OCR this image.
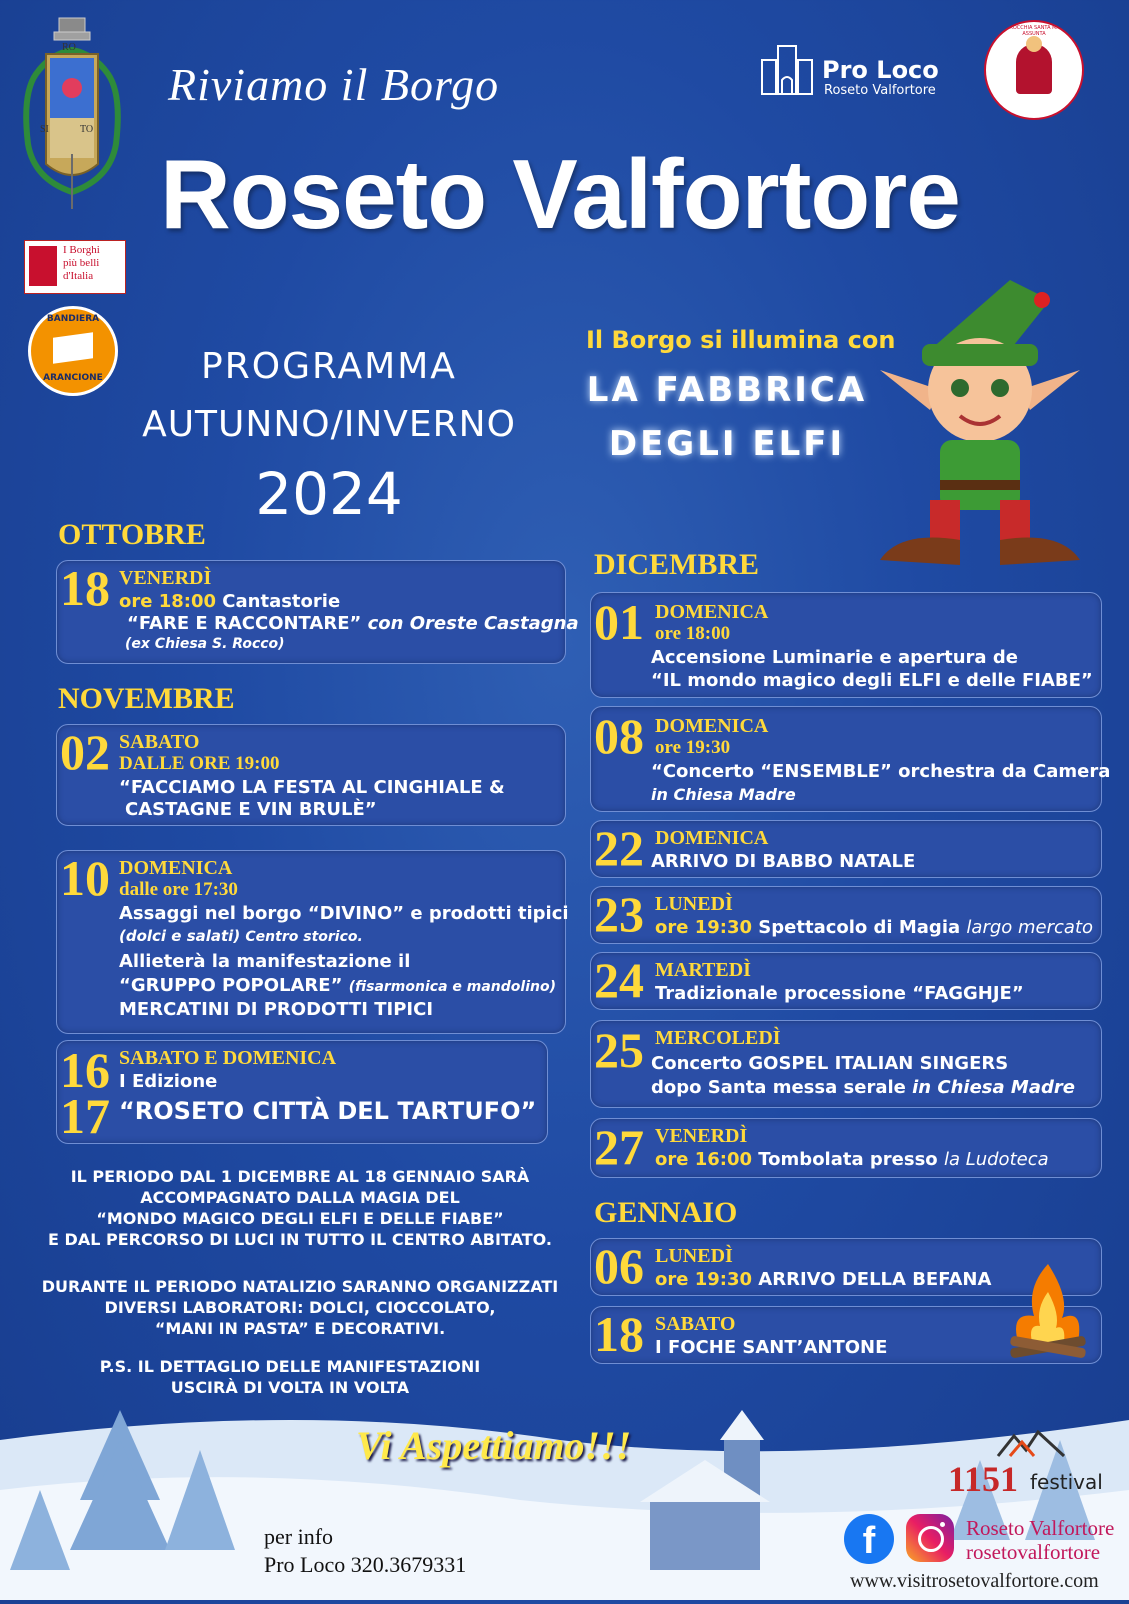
RO
SI	TO
I Borghi
più belli
d'Italia
BANDIERA
ARANCIONE
Riviamo il Borgo
Roseto Valfortore
Pro Loco
Roseto Valfortore
PARROCCHIA SANTA MARIA ASSUNTA
PROGRAMMA
AUTUNNO/INVERNO
2024
Il Borgo si illumina con
LA FABBRICA
DEGLI ELFI
OTTOBRE
18 VENERDÌ
ore 18:00 Cantastorie
“FARE E RACCONTARE” con Oreste Castagna
(ex Chiesa S. Rocco)
NOVEMBRE
02 SABATO
DALLE ORE 19:00
“FACCIAMO LA FESTA AL CINGHIALE &
CASTAGNE E VIN BRULÈ”
10 DOMENICA
dalle ore 17:30
Assaggi nel borgo “DIVINO” e prodotti tipici
(dolci e salati) Centro storico.
Allieterà la manifestazione il
“GRUPPO POPOLARE” (fisarmonica e mandolino)
MERCATINI DI PRODOTTI TIPICI
16
17
SABATO E DOMENICA
I Edizione
“ROSETO CITTÀ DEL TARTUFO”
IL PERIODO DAL 1 DICEMBRE AL 18 GENNAIO SARÀ
ACCOMPAGNATO DALLA MAGIA DEL
“MONDO MAGICO DEGLI ELFI E DELLE FIABE”
E DAL PERCORSO DI LUCI IN TUTTO IL CENTRO ABITATO.
DURANTE IL PERIODO NATALIZIO SARANNO ORGANIZZATI
DIVERSI LABORATORI: DOLCI, CIOCCOLATO,
“MANI IN PASTA” E DECORATIVI.
P.S. IL DETTAGLIO DELLE MANIFESTAZIONI
USCIRÀ DI VOLTA IN VOLTA
DICEMBRE
01 DOMENICA
ore 18:00
Accensione Luminarie e apertura de
“IL mondo magico degli ELFI e delle FIABE”
08 DOMENICA
ore 19:30
“Concerto “ENSEMBLE” orchestra da Camera
in Chiesa Madre
22 DOMENICA
ARRIVO DI BABBO NATALE
23 LUNEDÌ
ore 19:30 Spettacolo di Magia largo mercato
24 MARTEDÌ
Tradizionale processione “FAGGHJE”
25 MERCOLEDÌ
Concerto GOSPEL ITALIAN SINGERS
dopo Santa messa serale in Chiesa Madre
27 VENERDÌ
ore 16:00 Tombolata presso la Ludoteca
GENNAIO
06 LUNEDÌ
ore 19:30 ARRIVO DELLA BEFANA
18 SABATO
I FOCHE SANT’ANTONE
Vi Aspettiamo!!!
per info
Pro Loco 320.3679331
1151 festival
f	Roseto Valfortore
rosetovalfortore
www.visitrosetovalfortore.com
